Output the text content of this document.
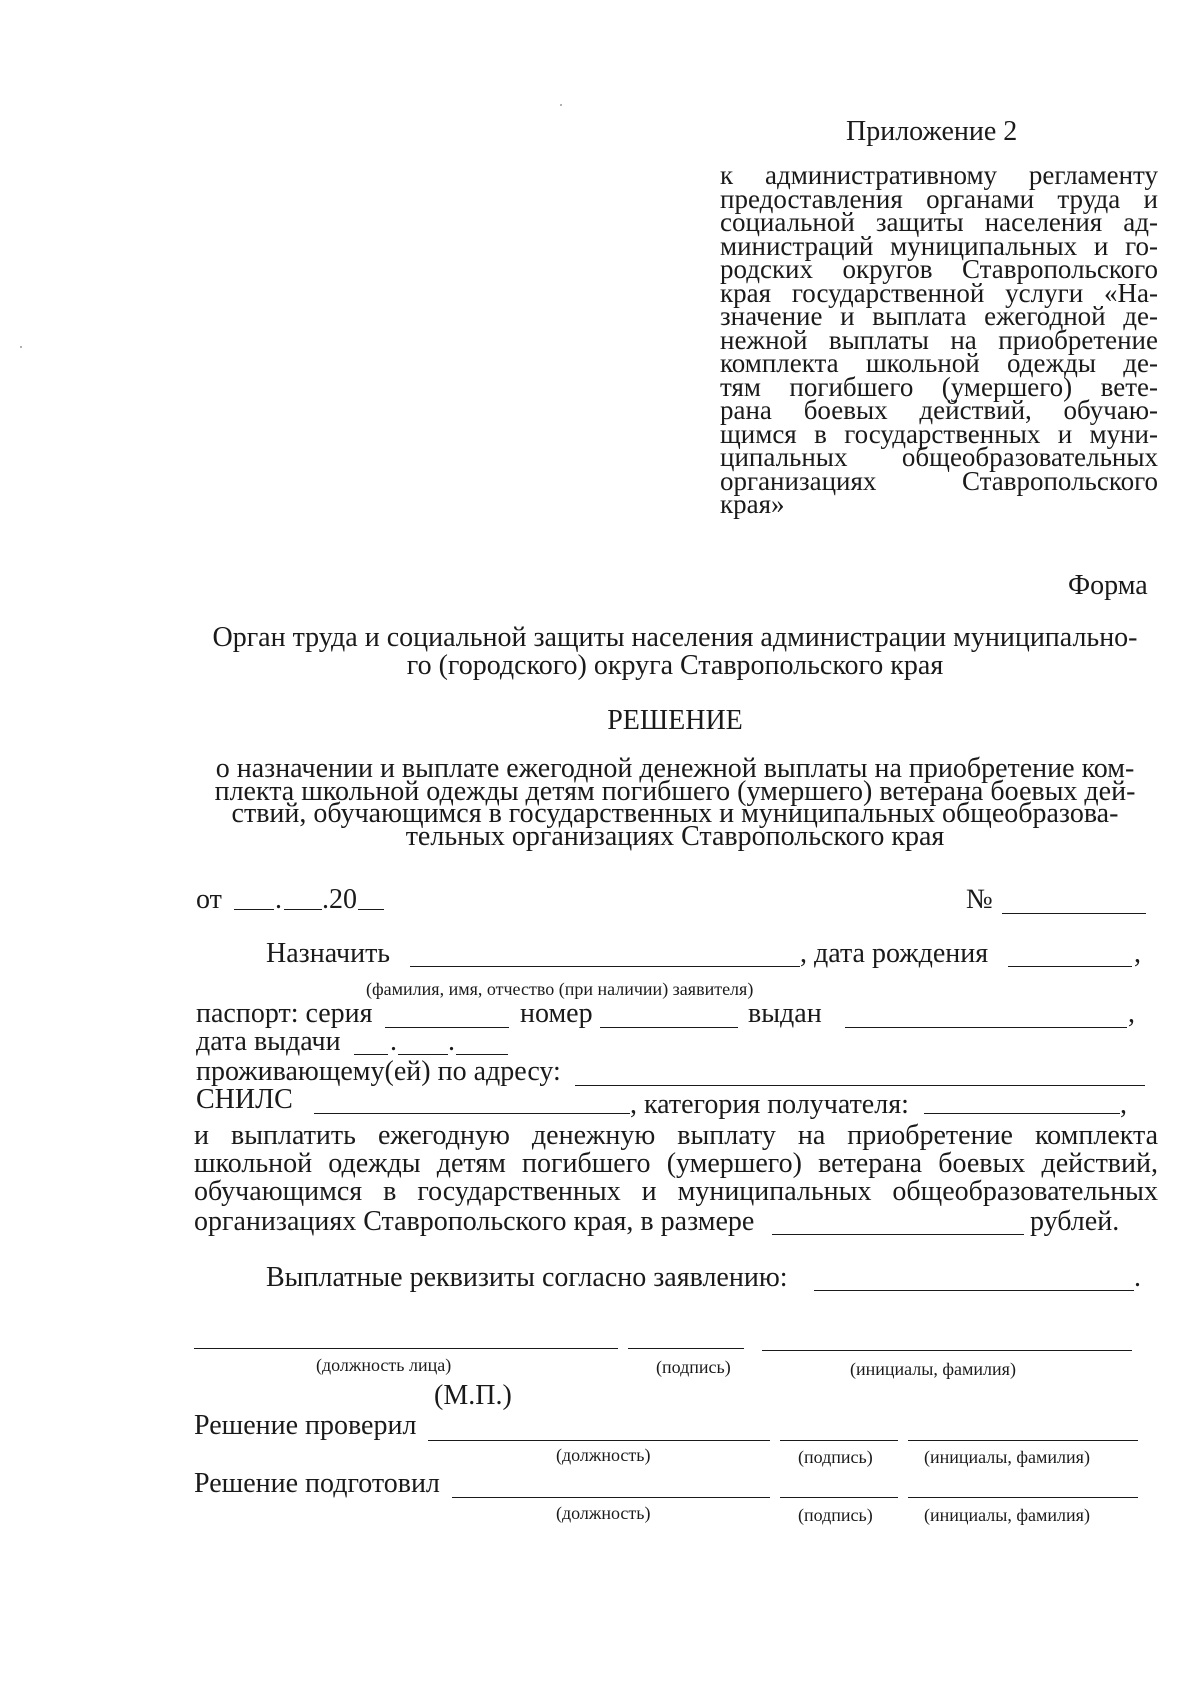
Приложение 2
к административному регламенту
предоставления органами труда и
социальной защиты населения ад-
министраций муниципальных и го-
родских округов Ставропольского
края государственной услуги «На-
значение и выплата ежегодной де-
нежной выплаты на приобретение
комплекта школьной одежды де-
тям погибшего (умершего) вете-
рана боевых действий, обучаю-
щимся в государственных и муни-
ципальных общеобразовательных
организациях Ставропольского
края»
Форма
Орган труда и социальной защиты населения администрации муниципально-
го (городского) округа Ставропольского края
РЕШЕНИЕ
о назначении и выплате ежегодной денежной выплаты на приобретение ком-
плекта школьной одежды детям погибшего (умершего) ветерана боевых дей-
ствий, обучающимся в государственных и муниципальных общеобразова-
тельных организациях Ставропольского края
от . .20	№
Назначить	, дата рождения	,
(фамилия, имя, отчество (при наличии) заявителя)
паспорт: серия	номер	выдан	,
дата выдачи . .
проживающему(ей) по адресу:
СНИЛС	, категория получателя:	,
и выплатить ежегодную денежную выплату на приобретение комплекта
школьной одежды детям погибшего (умершего) ветерана боевых действий,
обучающимся в государственных и муниципальных общеобразовательных
организациях Ставропольского края, в размере	рублей.
Выплатные реквизиты согласно заявлению:	.
(должность лица)	(подпись)	(инициалы, фамилия)
(М.П.)
Решение проверил
(должность)	(подпись)	(инициалы, фамилия)
Решение подготовил
(должность)	(подпись)	(инициалы, фамилия)
